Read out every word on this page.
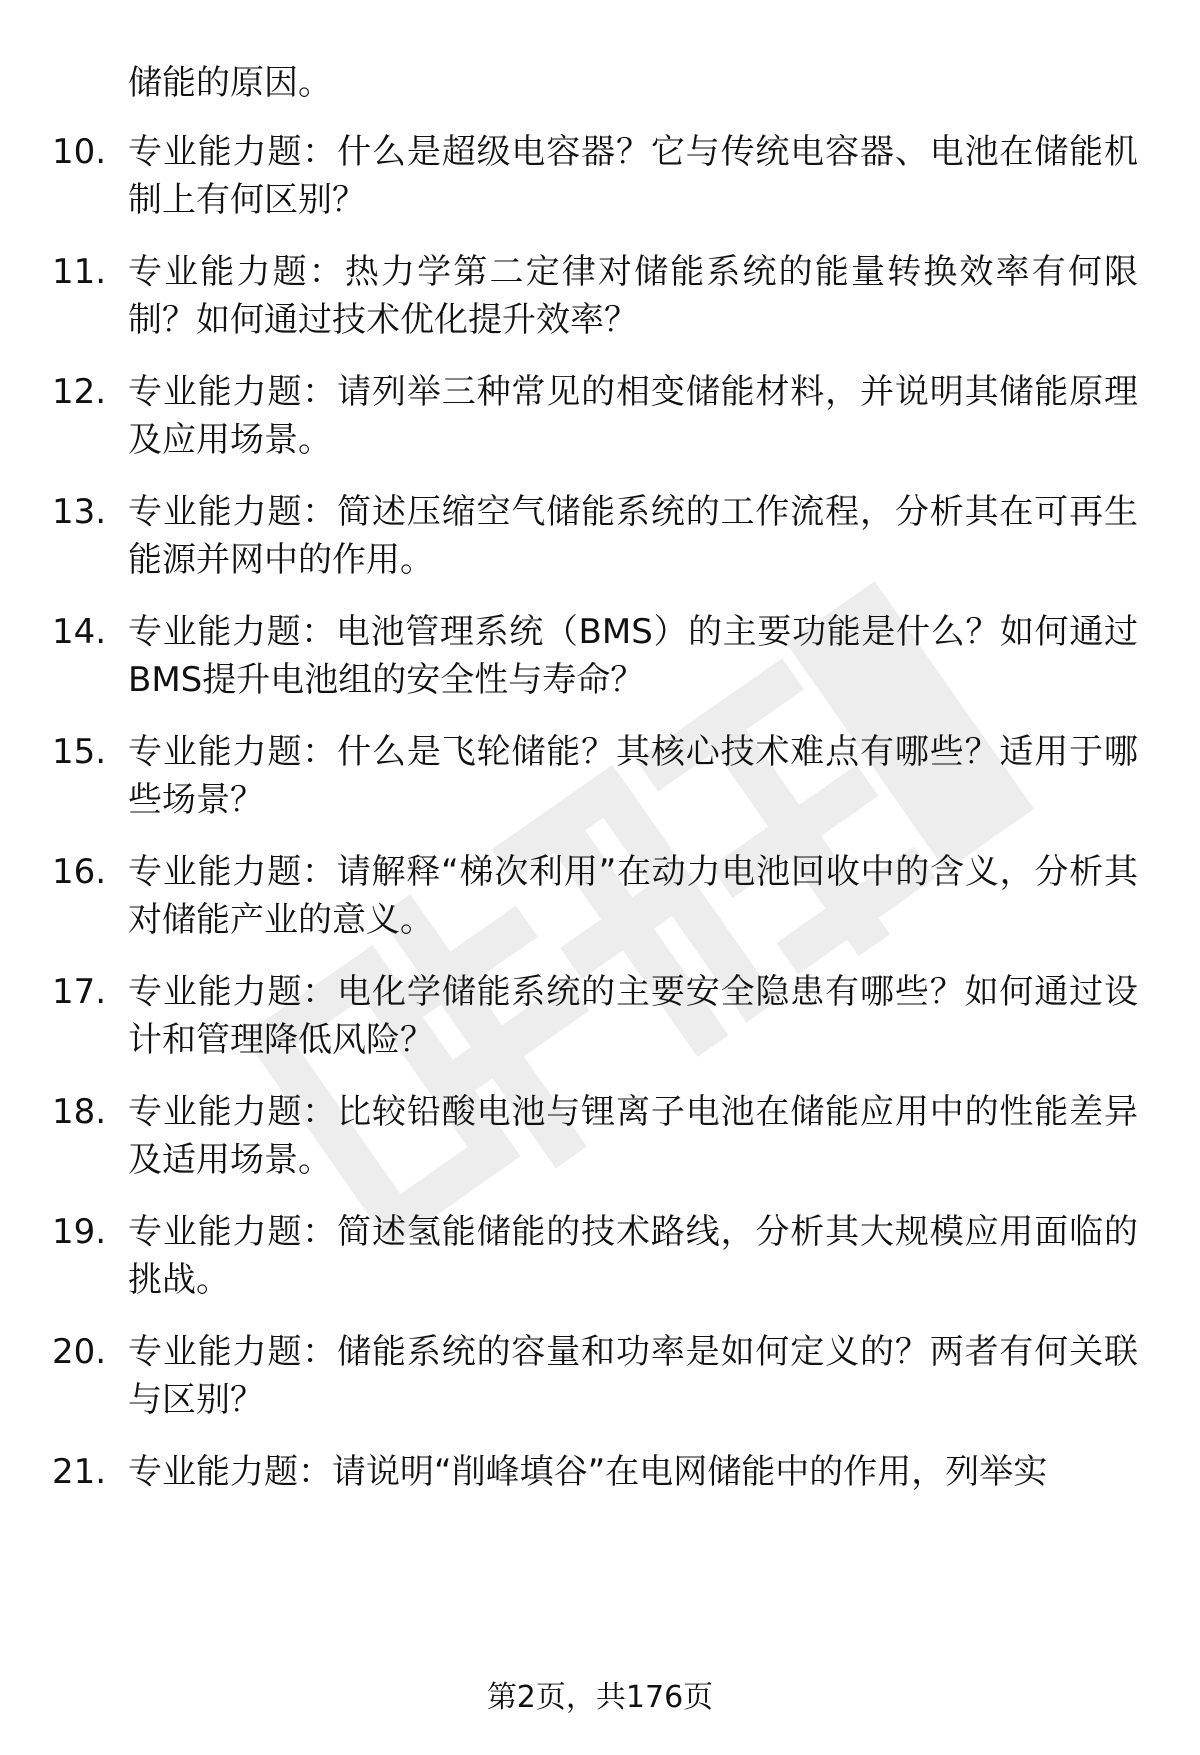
储能的原因。
10. 专业能力题：什么是超级电容器？它与传统电容器、电池在储能机制上有何区别？
11. 专业能力题：热力学第二定律对储能系统的能量转换效率有何限制？如何通过技术优化提升效率？
12. 专业能力题：请列举三种常见的相变储能材料，并说明其储能原理及应用场景。
13. 专业能力题：简述压缩空气储能系统的工作流程，分析其在可再生能源并网中的作用。
14. 专业能力题：电池管理系统（BMS）的主要功能是什么？如何通过BMS提升电池组的安全性与寿命？
15. 专业能力题：什么是飞轮储能？其核心技术难点有哪些？适用于哪些场景？
16. 专业能力题：请解释“梯次利用”在动力电池回收中的含义，分析其对储能产业的意义。
17. 专业能力题：电化学储能系统的主要安全隐患有哪些？如何通过设计和管理降低风险？
18. 专业能力题：比较铅酸电池与锂离子电池在储能应用中的性能差异及适用场景。
19. 专业能力题：简述氢能储能的技术路线，分析其大规模应用面临的挑战。
20. 专业能力题：储能系统的容量和功率是如何定义的？两者有何关联与区别？
21. 专业能力题：请说明“削峰填谷”在电网储能中的作用，列举实
第2页，共176页
